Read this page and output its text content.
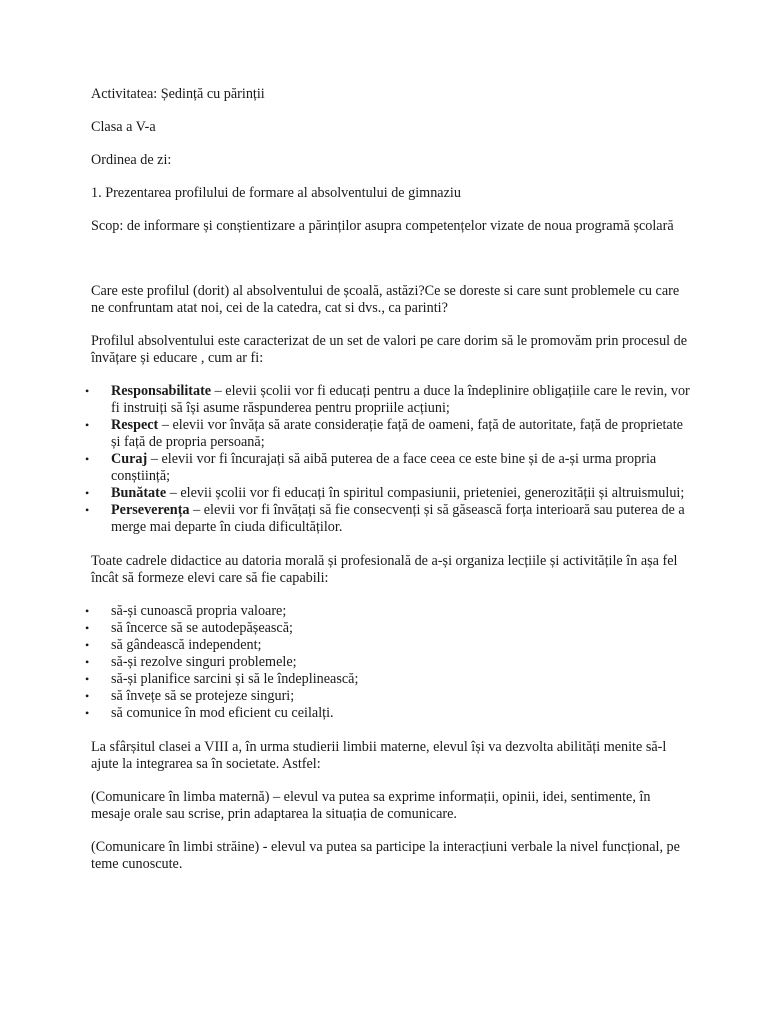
Activitatea: Ședință cu părinții

Clasa a V-a

Ordinea de zi:

1. Prezentarea profilului de formare al absolventului de gimnaziu

Scop: de informare și conștientizare a părinților asupra competențelor vizate de noua programă școlară

Care este profilul (dorit) al absolventului de școală, astăzi?Ce se doreste si care sunt problemele cu care ne confruntam atat noi, cei de la catedra, cat si dvs., ca parinti?

Profilul absolventului este caracterizat de un set de valori pe care dorim să le promovăm prin procesul de învățare și educare , cum ar fi:

• Responsabilitate – elevii școlii vor fi educați pentru a duce la îndeplinire obligațiile care le revin, vor fi instruiți să își asume răspunderea pentru propriile acțiuni;
• Respect – elevii vor învăța să arate considerație față de oameni, față de autoritate, față de proprietate și față de propria persoană;
• Curaj – elevii vor fi încurajați să aibă puterea de a face ceea ce este bine și de a-și urma propria conștiință;
• Bunătate – elevii școlii vor fi educați în spiritul compasiunii, prieteniei, generozității și altruismului;
• Perseverența – elevii vor fi învățați să fie consecvenți și să găsească forța interioară sau puterea de a merge mai departe în ciuda dificultăților.

Toate cadrele didactice au datoria morală și profesională de a-și organiza lecțiile și activitățile în așa fel încât să formeze elevi care să fie capabili:

• să-și cunoască propria valoare;
• să încerce să se autodepășească;
• să gândească independent;
• să-și rezolve singuri problemele;
• să-și planifice sarcini și să le îndeplinească;
• să învețe să se protejeze singuri;
• să comunice în mod eficient cu ceilalți.

La sfârșitul clasei a VIII a, în urma studierii limbii materne, elevul își va dezvolta abilități menite să-l ajute la integrarea sa în societate. Astfel:

(Comunicare în limba maternă) – elevul va putea sa exprime informații, opinii, idei, sentimente, în mesaje orale sau scrise, prin adaptarea la situația de comunicare.

(Comunicare în limbi străine) - elevul va putea sa participe la interacțiuni verbale la nivel funcțional, pe teme cunoscute.
